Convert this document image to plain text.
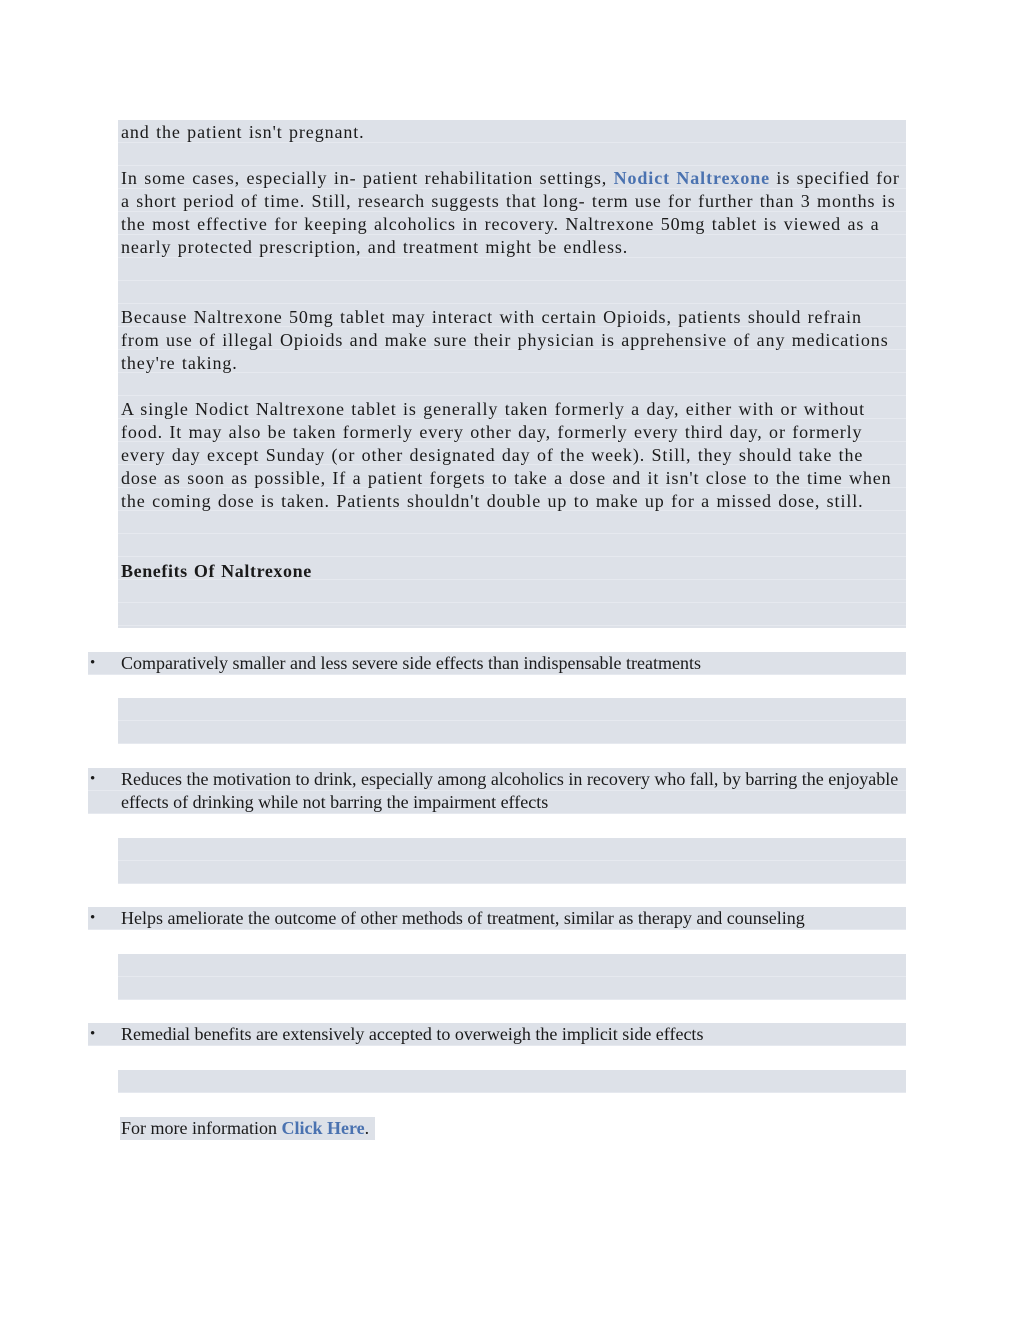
and the patient isn't pregnant.

In some cases, especially in- patient rehabilitation settings, Nodict Naltrexone is specified for a short period of time. Still, research suggests that long- term use for further than 3 months is the most effective for keeping alcoholics in recovery. Naltrexone 50mg tablet is viewed as a nearly protected prescription, and treatment might be endless.

Because Naltrexone 50mg tablet may interact with certain Opioids, patients should refrain from use of illegal Opioids and make sure their physician is apprehensive of any medications they're taking.

A single Nodict Naltrexone tablet is generally taken formerly a day, either with or without food. It may also be taken formerly every other day, formerly every third day, or formerly every day except Sunday (or other designated day of the week). Still, they should take the dose as soon as possible, If a patient forgets to take a dose and it isn't close to the time when the coming dose is taken. Patients shouldn't double up to make up for a missed dose, still.

Benefits Of Naltrexone

• Comparatively smaller and less severe side effects than indispensable treatments

• Reduces the motivation to drink, especially among alcoholics in recovery who fall, by barring the enjoyable effects of drinking while not barring the impairment effects

• Helps ameliorate the outcome of other methods of treatment, similar as therapy and counseling

• Remedial benefits are extensively accepted to overweigh the implicit side effects

For more information Click Here.
